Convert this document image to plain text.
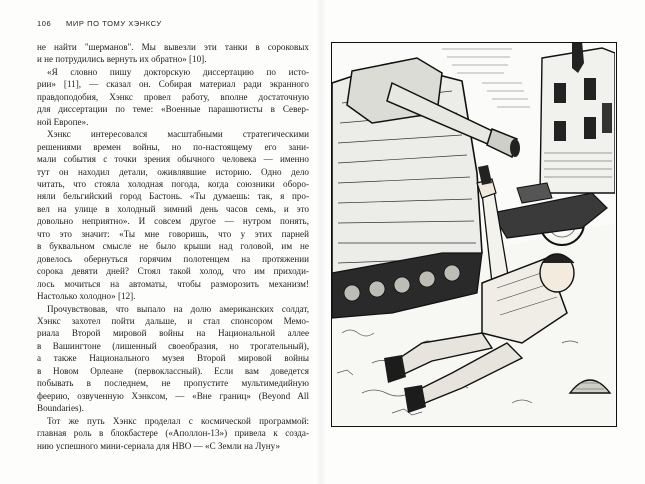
106 МИР ПО ТОМУ ХЭНКСУ

не найти "шерманов". Мы вывезли эти танки в сороковых
и не потрудились вернуть их обратно» [10].

«Я словно пишу докторскую диссертацию по исто-
рии» [11], — сказал он. Собирая материал ради экранного
правдоподобия, Хэнкс провел работу, вполне достаточную
для диссертации по теме: «Военные парашютисты в Север-
ной Европе».

Хэнкс интересовался масштабными стратегическими
решениями времен войны, но по-настоящему его зани-
мали события с точки зрения обычного человека — именно
тут он находил детали, оживлявшие историю. Одно дело
читать, что стояла холодная погода, когда союзники оборо-
няли бельгийский город Бастонь. «Ты думаешь: так, я про-
вел на улице в холодный зимний день часов семь, и это
довольно неприятно». И совсем другое — нутром понять,
что это значит: «Ты мне говоришь, что у этих парней
в буквальном смысле не было крыши над головой, им не
довелось обернуться горячим полотенцем на протяжении
сорока девяти дней? Стоял такой холод, что им приходи-
лось мочиться на автоматы, чтобы разморозить механизм!
Настолько холодно» [12].

Прочувствовав, что выпало на долю американских солдат,
Хэнкс захотел пойти дальше, и стал спонсором Мемо-
риала Второй мировой войны на Национальной аллее
в Вашингтоне (лишенный своеобразия, но трогательный),
а также Национального музея Второй мировой войны
в Новом Орлеане (первоклассный). Если вам доведется
побывать в последнем, не пропустите мультимедийную
феерию, озвученную Хэнксом, — «Вне границ» (Beyond All
Boundaries).

Тот же путь Хэнкс проделал с космической программой:
главная роль в блокбастере («Аполлон-13») привела к созда-
нию успешного мини-сериала для НВО — «С Земли на Луну»
